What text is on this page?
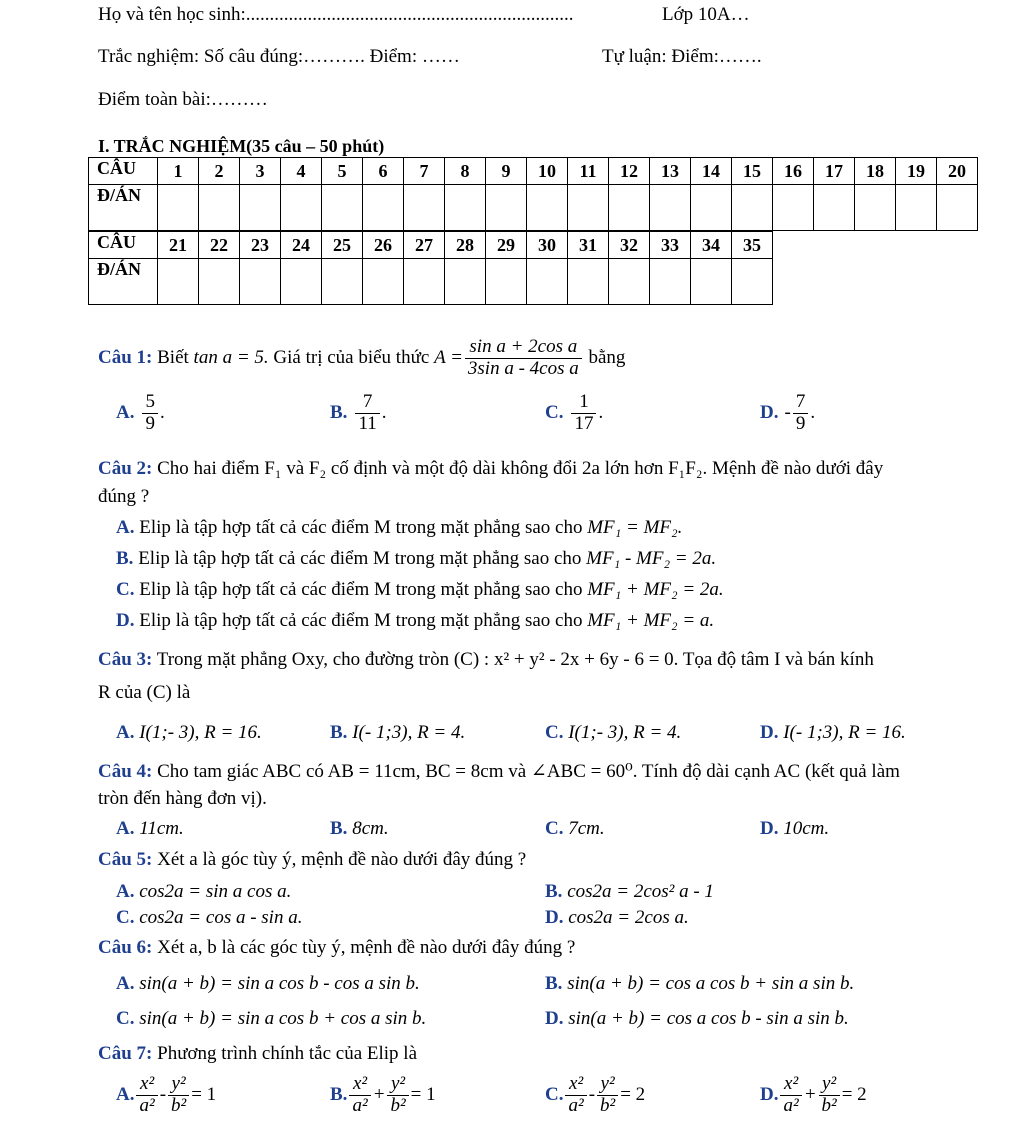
Họ và tên học sinh:.....................................................................	Lớp 10A…
Trắc nghiệm: Số câu đúng:………. Điểm: ……	Tự luận: Điểm:…….
Điểm toàn bài:………
I. TRẮC NGHIỆM(35 câu – 50 phút)
CÂU	1	2	3	4	5	6	7	8	9	10	11	12	13	14	15	16	17	18	19	20
Đ/ÁN																				
CÂU	21	22	23	24	25	26	27	28	29	30	31	32	33	34	35
Đ/ÁN															
Câu 1: Biết tan a = 5. Giá trị của biểu thức $A = \frac{\text{sin a + 2cos a}}{\text{3sin a - 4cos a}}$ bằng
A. $\frac{5}{9}$ .	B. $\frac{7}{11}$ .	C. $\frac{1}{17}$ .	D. - $\frac{7}{9}$ .
Câu 2: Cho hai điểm F₁ và F₂ cố định và một độ dài không đổi 2a lớn hơn F₁F₂. Mệnh đề nào dưới đây
đúng ?
A. Elip là tập hợp tất cả các điểm M trong mặt phẳng sao cho MF₁ = MF₂.
B. Elip là tập hợp tất cả các điểm M trong mặt phẳng sao cho MF₁ - MF₂ = 2a.
C. Elip là tập hợp tất cả các điểm M trong mặt phẳng sao cho MF₁ + MF₂ = 2a.
D. Elip là tập hợp tất cả các điểm M trong mặt phẳng sao cho MF₁ + MF₂ = a.
Câu 3: Trong mặt phẳng Oxy, cho đường tròn (C) : x² + y² - 2x + 6y - 6 = 0. Tọa độ tâm I và bán kính
R của (C) là
A. I(1;- 3), R = 16.	B. I(- 1;3), R = 4.	C. I(1;- 3), R = 4.	D. I(- 1;3), R = 16.
Câu 4: Cho tam giác ABC có AB = 11cm, BC = 8cm và ∠ABC = 60⁰. Tính độ dài cạnh AC (kết quả làm
tròn đến hàng đơn vị).
A. 11cm.	B. 8cm.	C. 7cm.	D. 10cm.
Câu 5: Xét a là góc tùy ý, mệnh đề nào dưới đây đúng ?
A. cos2a = sin a cos a.	B. cos2a = 2cos² a - 1
C. cos2a = cos a - sin a.	D. cos2a = 2cos a.
Câu 6: Xét a, b là các góc tùy ý, mệnh đề nào dưới đây đúng ?
A. sin(a + b) = sin a cos b - cos a sin b.	B. sin(a + b) = cos a cos b + sin a sin b.
C. sin(a + b) = sin a cos b + cos a sin b.	D. sin(a + b) = cos a cos b - sin a sin b.
Câu 7: Phương trình chính tắc của Elip là
A. $\frac{\text{x²}}{\text{a²}} - \frac{\text{y²}}{\text{b²}} = 1$	B. $\frac{\text{x²}}{\text{a²}} + \frac{\text{y²}}{\text{b²}} = 1$	C. $\frac{\text{x²}}{\text{a²}} - \frac{\text{y²}}{\text{b²}} = 2$	D. $\frac{\text{x²}}{\text{a²}} + \frac{\text{y²}}{\text{b²}} = 2$
